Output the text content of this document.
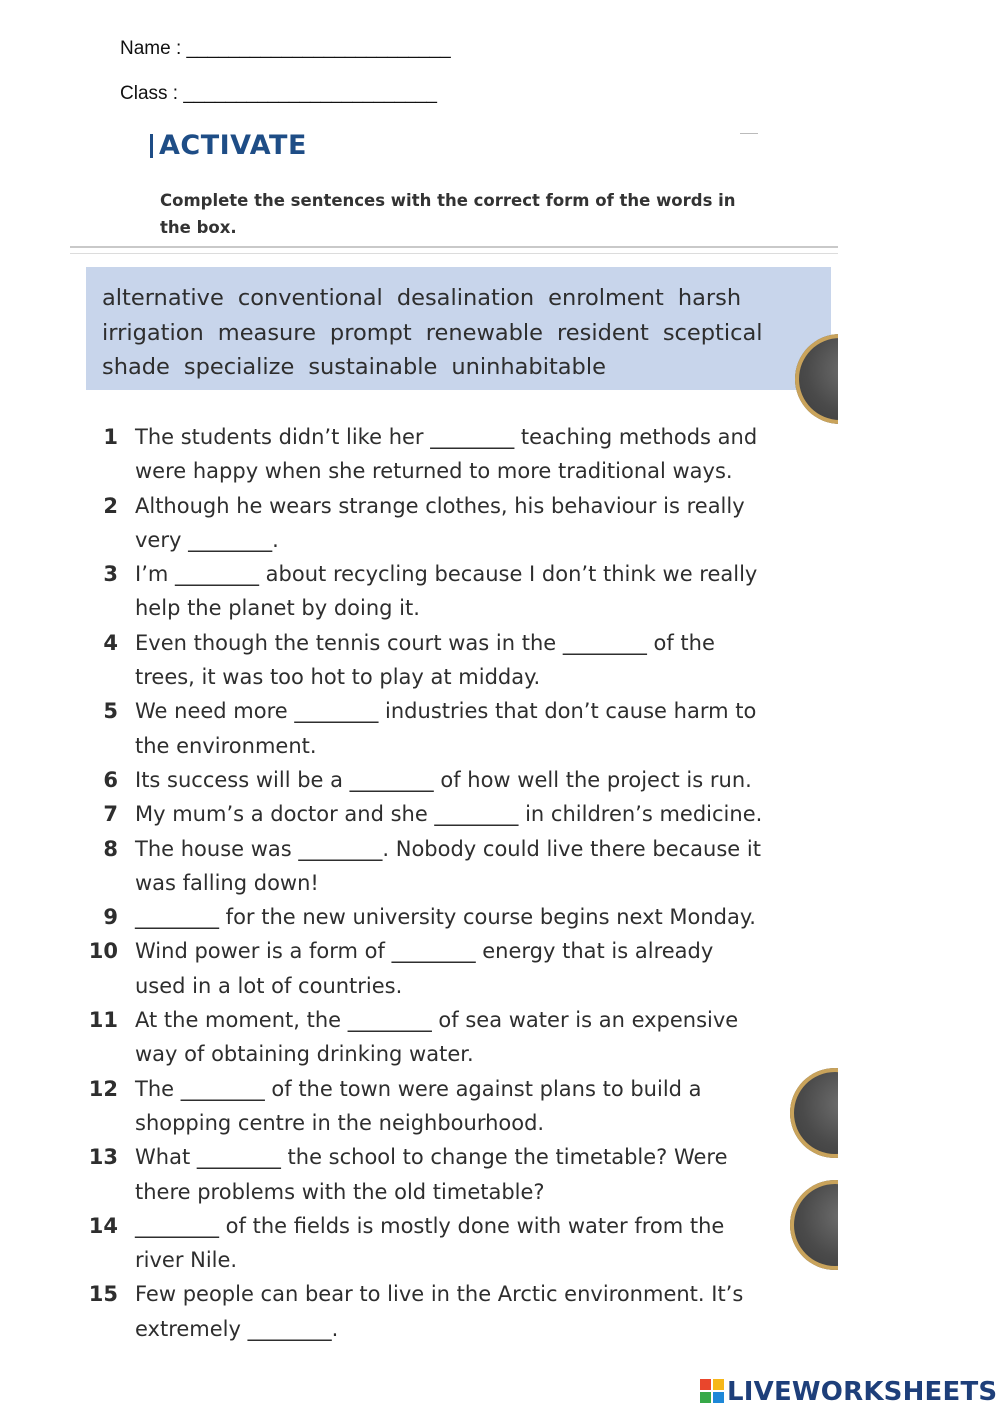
Name : _________________________
Class : ________________________
ACTIVATE
Complete the sentences with the correct form of the words in the box.
alternative conventional desalination enrolment harsh
irrigation measure prompt renewable resident sceptical
shade specialize sustainable uninhabitable
1 The students didn’t like her ________ teaching methods and
were happy when she returned to more traditional ways.
2 Although he wears strange clothes, his behaviour is really
very ________.
3 I’m ________ about recycling because I don’t think we really
help the planet by doing it.
4 Even though the tennis court was in the ________ of the
trees, it was too hot to play at midday.
5 We need more ________ industries that don’t cause harm to
the environment.
6 Its success will be a ________ of how well the project is run.
7 My mum’s a doctor and she ________ in children’s medicine.
8 The house was ________. Nobody could live there because it
was falling down!
9 ________ for the new university course begins next Monday.
10 Wind power is a form of ________ energy that is already
used in a lot of countries.
11 At the moment, the ________ of sea water is an expensive
way of obtaining drinking water.
12 The ________ of the town were against plans to build a
shopping centre in the neighbourhood.
13 What ________ the school to change the timetable? Were
there problems with the old timetable?
14 ________ of the fields is mostly done with water from the
river Nile.
15 Few people can bear to live in the Arctic environment. It’s
extremely ________.
LIVEWORKSHEETS
